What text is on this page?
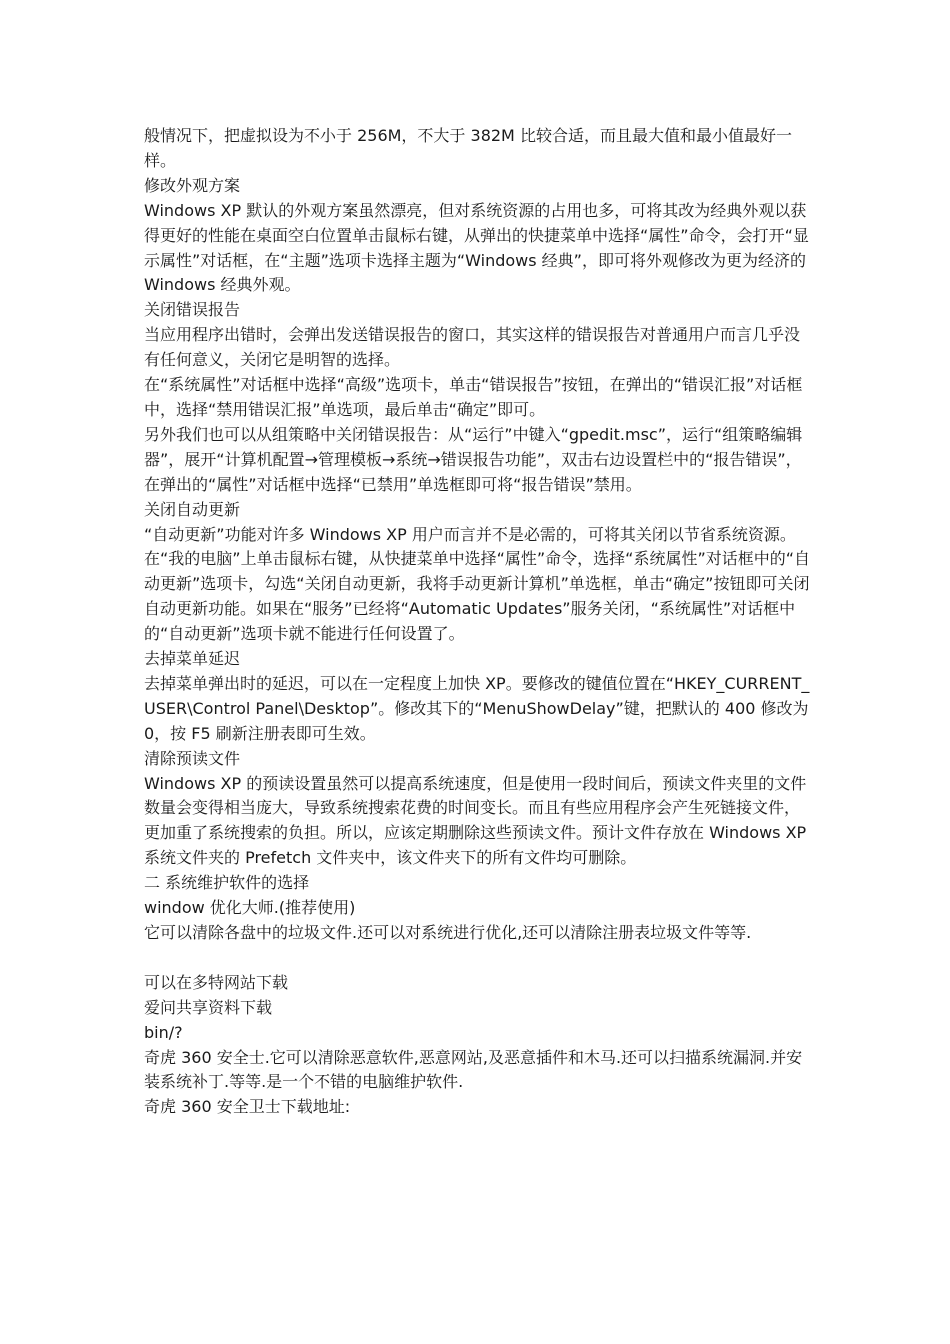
般情况下，把虚拟设为不小于 256M，不大于 382M 比较合适，而且最大值和最小值最好一样。

修改外观方案

Windows XP 默认的外观方案虽然漂亮，但对系统资源的占用也多，可将其改为经典外观以获得更好的性能在桌面空白位置单击鼠标右键，从弹出的快捷菜单中选择“属性”命令，会打开“显示属性”对话框，在“主题”选项卡选择主题为“Windows 经典”，即可将外观修改为更为经济的 Windows 经典外观。

关闭错误报告

当应用程序出错时，会弹出发送错误报告的窗口，其实这样的错误报告对普通用户而言几乎没有任何意义，关闭它是明智的选择。

在“系统属性”对话框中选择“高级”选项卡，单击“错误报告”按钮，在弹出的“错误汇报”对话框中，选择“禁用错误汇报”单选项，最后单击“确定”即可。

另外我们也可以从组策略中关闭错误报告：从“运行”中键入“gpedit.msc”，运行“组策略编辑器”，展开“计算机配置→管理模板→系统→错误报告功能”，双击右边设置栏中的“报告错误”，在弹出的“属性”对话框中选择“已禁用”单选框即可将“报告错误”禁用。

关闭自动更新

“自动更新”功能对许多 Windows XP 用户而言并不是必需的，可将其关闭以节省系统资源。

在“我的电脑”上单击鼠标右键，从快捷菜单中选择“属性”命令，选择“系统属性”对话框中的“自动更新”选项卡，勾选“关闭自动更新，我将手动更新计算机”单选框，单击“确定”按钮即可关闭自动更新功能。如果在“服务”已经将“Automatic Updates”服务关闭，“系统属性”对话框中的“自动更新”选项卡就不能进行任何设置了。

去掉菜单延迟

去掉菜单弹出时的延迟，可以在一定程度上加快 XP。要修改的键值位置在“HKEY_CURRENT_USER\Control Panel\Desktop”。修改其下的“MenuShowDelay”键，把默认的 400 修改为 0，按 F5 刷新注册表即可生效。

清除预读文件

Windows XP 的预读设置虽然可以提高系统速度，但是使用一段时间后，预读文件夹里的文件数量会变得相当庞大，导致系统搜索花费的时间变长。而且有些应用程序会产生死链接文件，更加重了系统搜索的负担。所以，应该定期删除这些预读文件。预计文件存放在 Windows XP 系统文件夹的 Prefetch 文件夹中，该文件夹下的所有文件均可删除。

二 系统维护软件的选择

window 优化大师.(推荐使用)

它可以清除各盘中的垃圾文件.还可以对系统进行优化,还可以清除注册表垃圾文件等等.

可以在多特网站下载

爱问共享资料下载

bin/?

奇虎 360 安全士.它可以清除恶意软件,恶意网站,及恶意插件和木马.还可以扫描系统漏洞.并安装系统补丁.等等.是一个不错的电脑维护软件.

奇虎 360 安全卫士下载地址:
